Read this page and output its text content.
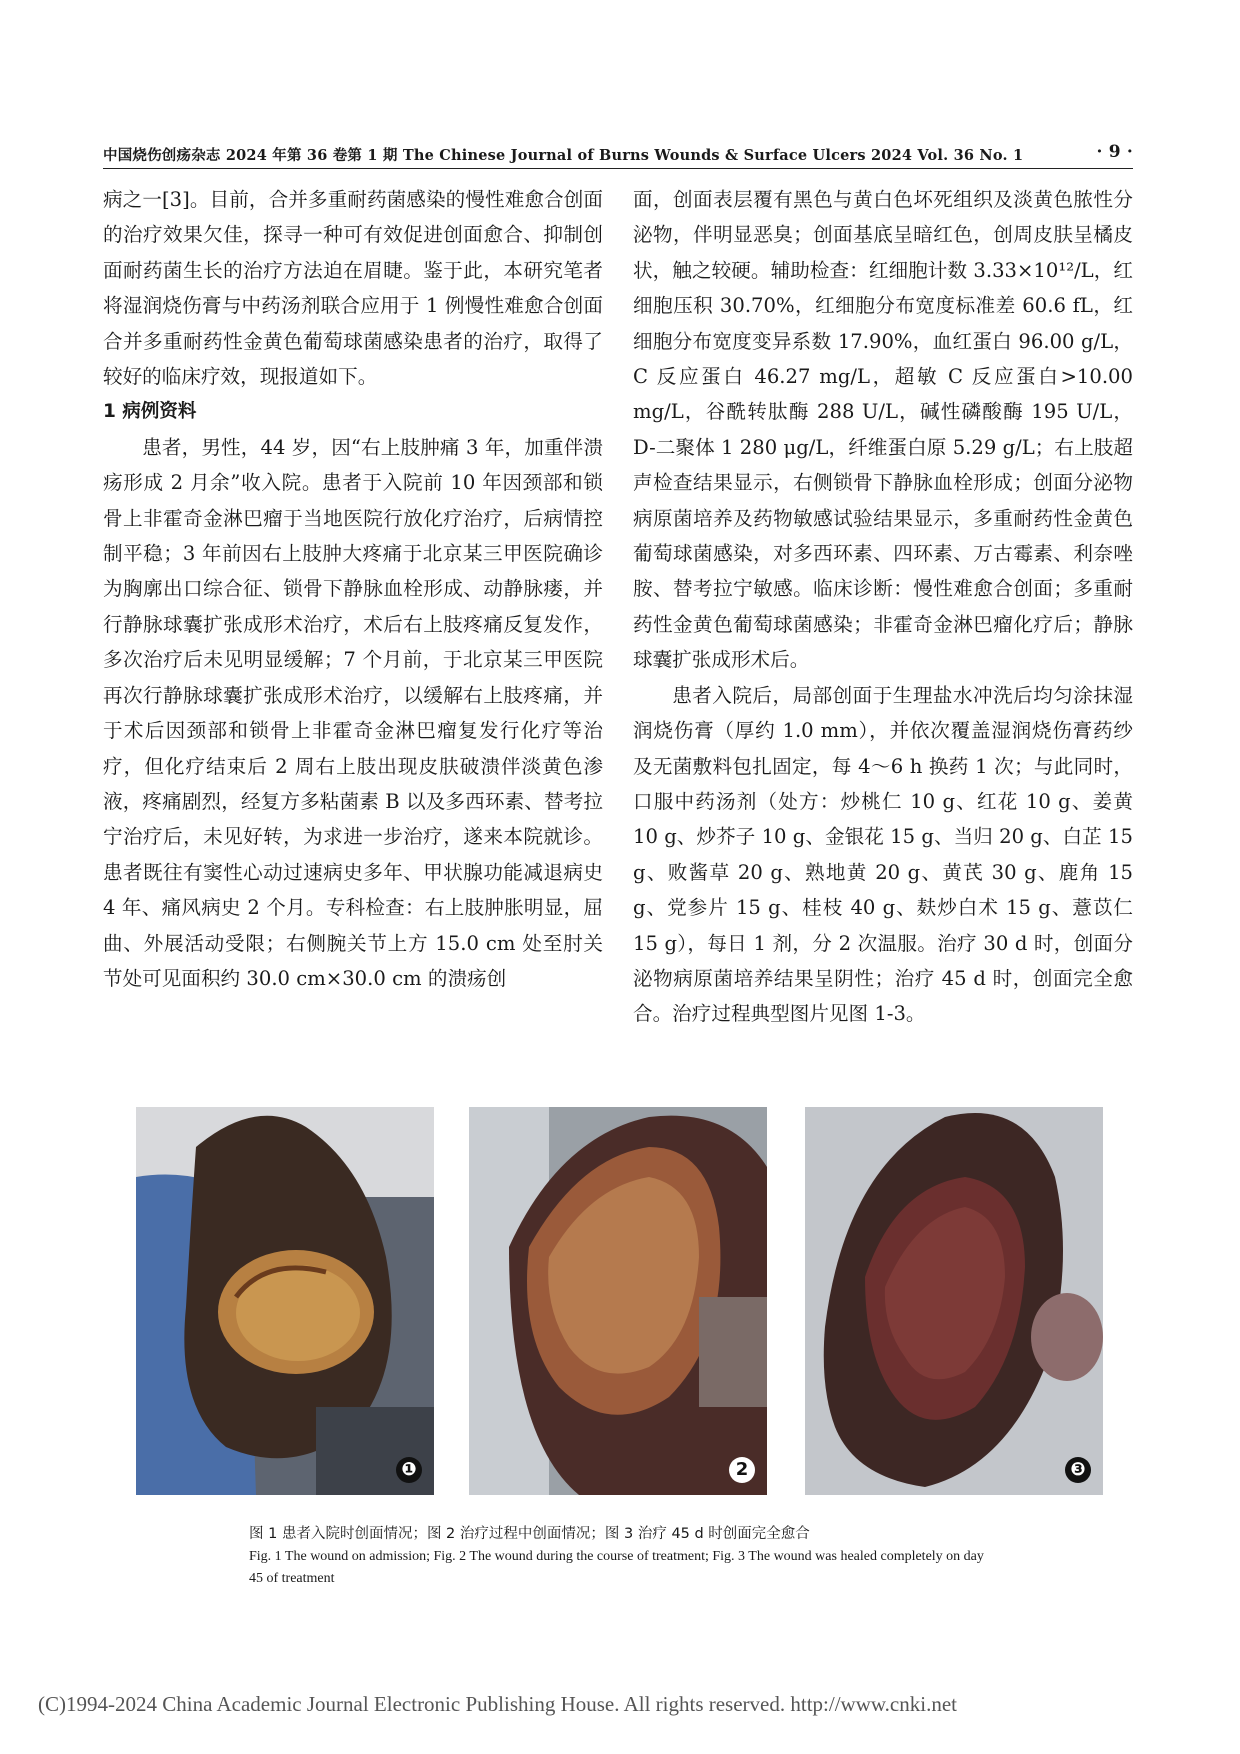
中国烧伤创疡杂志 2024 年第 36 卷第 1 期 The Chinese Journal of Burns Wounds & Surface Ulcers 2024 Vol. 36 No. 1	· 9 ·

病之一[3]。目前，合并多重耐药菌感染的慢性难愈合创面的治疗效果欠佳，探寻一种可有效促进创面愈合、抑制创面耐药菌生长的治疗方法迫在眉睫。鉴于此，本研究笔者将湿润烧伤膏与中药汤剂联合应用于 1 例慢性难愈合创面合并多重耐药性金黄色葡萄球菌感染患者的治疗，取得了较好的临床疗效，现报道如下。

1 病例资料

患者，男性，44 岁，因“右上肢肿痛 3 年，加重伴溃疡形成 2 月余”收入院。患者于入院前 10 年因颈部和锁骨上非霍奇金淋巴瘤于当地医院行放化疗治疗，后病情控制平稳；3 年前因右上肢肿大疼痛于北京某三甲医院确诊为胸廓出口综合征、锁骨下静脉血栓形成、动静脉瘘，并行静脉球囊扩张成形术治疗，术后右上肢疼痛反复发作，多次治疗后未见明显缓解；7 个月前，于北京某三甲医院再次行静脉球囊扩张成形术治疗，以缓解右上肢疼痛，并于术后因颈部和锁骨上非霍奇金淋巴瘤复发行化疗等治疗，但化疗结束后 2 周右上肢出现皮肤破溃伴淡黄色渗液，疼痛剧烈，经复方多粘菌素 B 以及多西环素、替考拉宁治疗后，未见好转，为求进一步治疗，遂来本院就诊。患者既往有窦性心动过速病史多年、甲状腺功能减退病史 4 年、痛风病史 2 个月。专科检查：右上肢肿胀明显，屈曲、外展活动受限；右侧腕关节上方 15.0 cm 处至肘关节处可见面积约 30.0 cm×30.0 cm 的溃疡创

面，创面表层覆有黑色与黄白色坏死组织及淡黄色脓性分泌物，伴明显恶臭；创面基底呈暗红色，创周皮肤呈橘皮状，触之较硬。辅助检查：红细胞计数 3.33×10¹²/L，红细胞压积 30.70%，红细胞分布宽度标准差 60.6 fL，红细胞分布宽度变异系数 17.90%，血红蛋白 96.00 g/L，C 反应蛋白 46.27 mg/L，超敏 C 反应蛋白>10.00 mg/L，谷酰转肽酶 288 U/L，碱性磷酸酶 195 U/L，D-二聚体 1 280 μg/L，纤维蛋白原 5.29 g/L；右上肢超声检查结果显示，右侧锁骨下静脉血栓形成；创面分泌物病原菌培养及药物敏感试验结果显示，多重耐药性金黄色葡萄球菌感染，对多西环素、四环素、万古霉素、利奈唑胺、替考拉宁敏感。临床诊断：慢性难愈合创面；多重耐药性金黄色葡萄球菌感染；非霍奇金淋巴瘤化疗后；静脉球囊扩张成形术后。

患者入院后，局部创面于生理盐水冲洗后均匀涂抹湿润烧伤膏（厚约 1.0 mm），并依次覆盖湿润烧伤膏药纱及无菌敷料包扎固定，每 4～6 h 换药 1 次；与此同时，口服中药汤剂（处方：炒桃仁 10 g、红花 10 g、姜黄 10 g、炒芥子 10 g、金银花 15 g、当归 20 g、白芷 15 g、败酱草 20 g、熟地黄 20 g、黄芪 30 g、鹿角 15 g、党参片 15 g、桂枝 40 g、麸炒白术 15 g、薏苡仁 15 g），每日 1 剂，分 2 次温服。治疗 30 d 时，创面分泌物病原菌培养结果呈阴性；治疗 45 d 时，创面完全愈合。治疗过程典型图片见图 1-3。

❶	2	❸
图 1 患者入院时创面情况；图 2 治疗过程中创面情况；图 3 治疗 45 d 时创面完全愈合
Fig. 1 The wound on admission; Fig. 2 The wound during the course of treatment; Fig. 3 The wound was healed completely on day 45 of treatment
(C)1994-2024 China Academic Journal Electronic Publishing House. All rights reserved. http://www.cnki.net
